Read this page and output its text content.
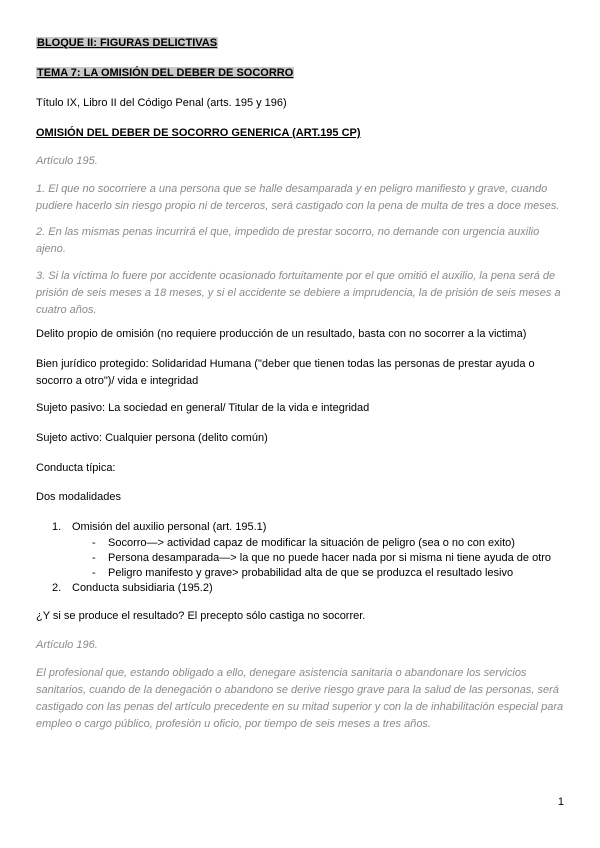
BLOQUE II: FIGURAS DELICTIVAS
TEMA 7: LA OMISIÓN DEL DEBER DE SOCORRO
Título IX, Libro II del Código Penal (arts. 195 y 196)
OMISIÓN DEL DEBER DE SOCORRO GENERICA (ART.195 CP)
Artículo 195.
1. El que no socorriere a una persona que se halle desamparada y en peligro manifiesto y grave, cuando pudiere hacerlo sin riesgo propio ni de terceros, será castigado con la pena de multa de tres a doce meses.
2. En las mismas penas incurrirá el que, impedido de prestar socorro, no demande con urgencia auxilio ajeno.
3. Si la víctima lo fuere por accidente ocasionado fortuitamente por el que omitió el auxilio, la pena será de prisión de seis meses a 18 meses, y si el accidente se debiere a imprudencia, la de prisión de seis meses a cuatro años.
Delito propio de omisión (no requiere producción de un resultado, basta con no socorrer a la victima)
Bien jurídico protegido: Solidaridad Humana ("deber que tienen todas las personas de prestar ayuda o socorro a otro")/ vida e integridad
Sujeto pasivo: La sociedad en general/ Titular de la vida e integridad
Sujeto activo: Cualquier persona (delito común)
Conducta típica:
Dos modalidades
1. Omisión del auxilio personal (art. 195.1)
- Socorro—> actividad capaz de modificar la situación de peligro (sea o no con exito)
- Persona desamparada—> la que no puede hacer nada por si misma ni tiene ayuda de otro
- Peligro manifesto y grave> probabilidad alta de que se produzca el resultado lesivo
2. Conducta subsidiaria (195.2)
¿Y si se produce el resultado? El precepto sólo castiga no socorrer.
Artículo 196.
El profesional que, estando obligado a ello, denegare asistencia sanitaria o abandonare los servicios sanitarios, cuando de la denegación o abandono se derive riesgo grave para la salud de las personas, será castigado con las penas del artículo precedente en su mitad superior y con la de inhabilitación especial para empleo o cargo público, profesión u oficio, por tiempo de seis meses a tres años.
1
